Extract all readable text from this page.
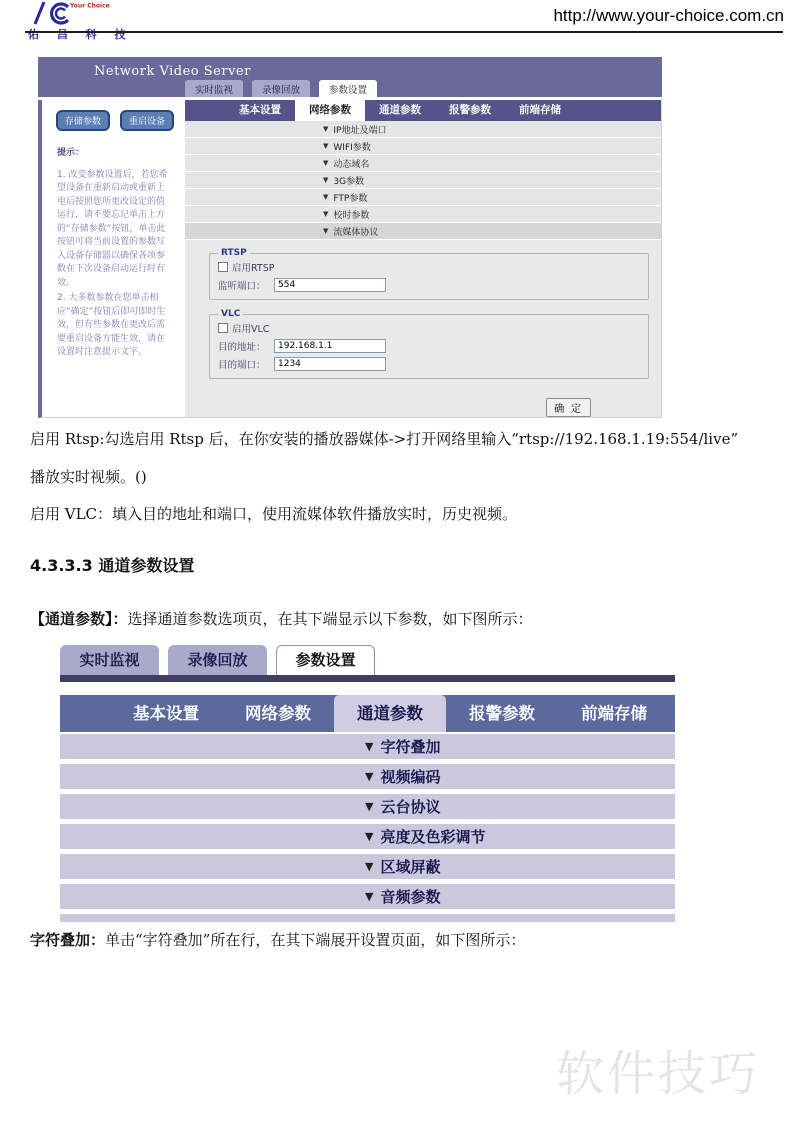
Your Choice
佑 昌 科 技
http://www.your-choice.com.cn
Network Video Server
实时监视	录像回放	参数设置
存储参数	重启设备
提示：

1. 改变参数设置后，若您希望设备在重新启动或重新上电后按照您所更改设定的值运行，请不要忘记单击上方的“存储参数”按钮，单击此按钮可将当前设置的参数写入设备存储器以确保各项参数在下次设备启动运行时有效。

2. 大多数参数在您单击相应“确定”按钮后即可即时生效，但有些参数在更改后需要重启设备方能生效，请在设置时注意提示文字。

基本设置	网络参数	通道参数	报警参数	前端存储
▼ IP地址及端口
▼ WIFI参数
▼ 动态域名
▼ 3G参数
▼ FTP参数
▼ 校时参数
▼ 流媒体协议
RTSP
启用RTSP
监听端口：
554
VLC
启用VLC
目的地址：
192.168.1.1
目的端口：
1234
确 定
启用 Rtsp:勾选启用 Rtsp 后，在你安装的播放器媒体->打开网络里输入“rtsp://192.168.1.19:554/live”
播放实时视频。()
启用 VLC：填入目的地址和端口，使用流媒体软件播放实时，历史视频。
4.3.3.3 通道参数设置
【通道参数】：选择通道参数选项页，在其下端显示以下参数，如下图所示：
实时监视	录像回放	参数设置
基本设置	网络参数	通道参数	报警参数	前端存储
▼ 字符叠加
▼ 视频编码
▼ 云台协议
▼ 亮度及色彩调节
▼ 区域屏蔽
▼ 音频参数
字符叠加：单击“字符叠加”所在行，在其下端展开设置页面，如下图所示：
软件技巧
